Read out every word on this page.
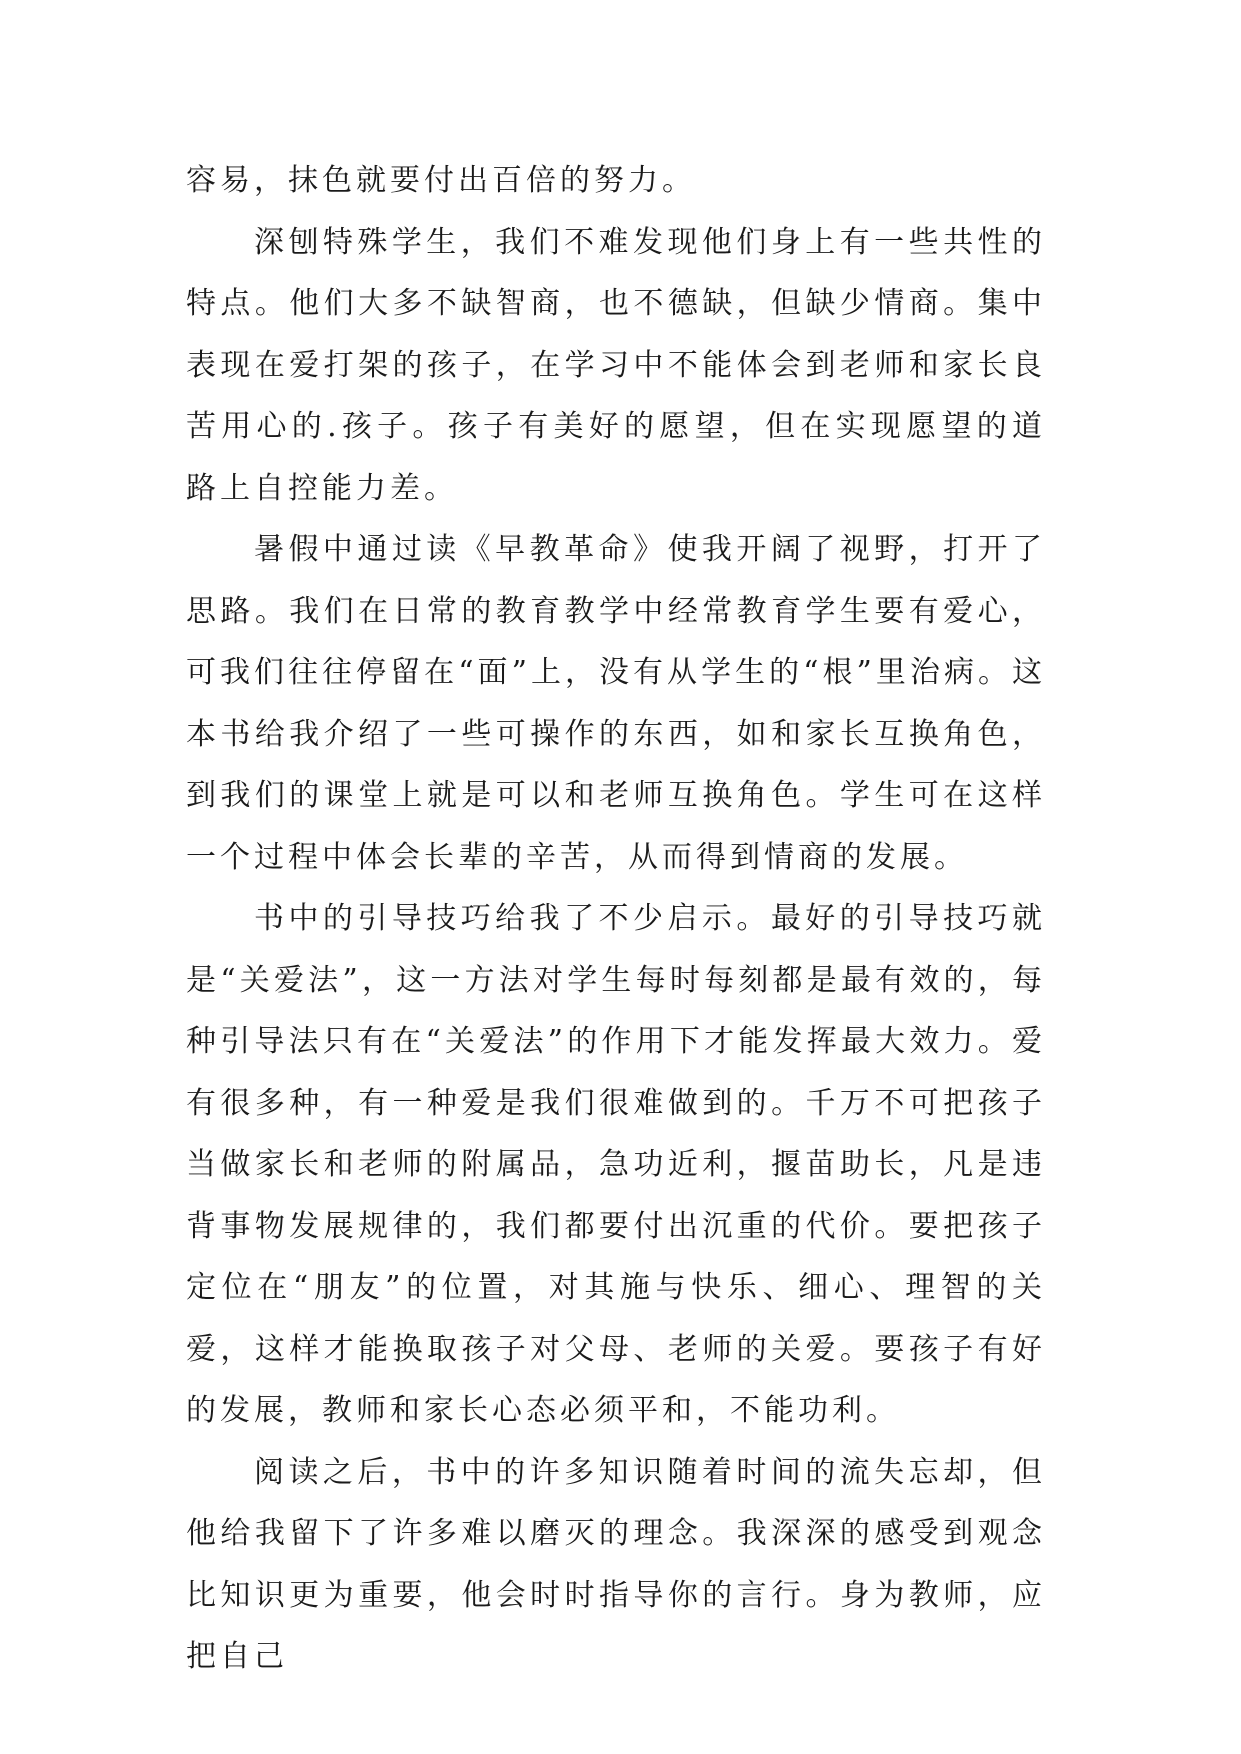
容易，抹色就要付出百倍的努力。

深刨特殊学生，我们不难发现他们身上有一些共性的特点。他们大多不缺智商，也不德缺，但缺少情商。集中表现在爱打架的孩子，在学习中不能体会到老师和家长良苦用心的.孩子。孩子有美好的愿望，但在实现愿望的道路上自控能力差。

暑假中通过读《早教革命》使我开阔了视野，打开了思路。我们在日常的教育教学中经常教育学生要有爱心，可我们往往停留在“面”上，没有从学生的“根”里治病。这本书给我介绍了一些可操作的东西，如和家长互换角色，到我们的课堂上就是可以和老师互换角色。学生可在这样一个过程中体会长辈的辛苦，从而得到情商的发展。

书中的引导技巧给我了不少启示。最好的引导技巧就是“关爱法”，这一方法对学生每时每刻都是最有效的，每种引导法只有在“关爱法”的作用下才能发挥最大效力。爱有很多种，有一种爱是我们很难做到的。千万不可把孩子当做家长和老师的附属品，急功近利，揠苗助长，凡是违背事物发展规律的，我们都要付出沉重的代价。要把孩子定位在“朋友”的位置，对其施与快乐、细心、理智的关爱，这样才能换取孩子对父母、老师的关爱。要孩子有好的发展，教师和家长心态必须平和，不能功利。

阅读之后，书中的许多知识随着时间的流失忘却，但他给我留下了许多难以磨灭的理念。我深深的感受到观念比知识更为重要，他会时时指导你的言行。身为教师，应把自己
